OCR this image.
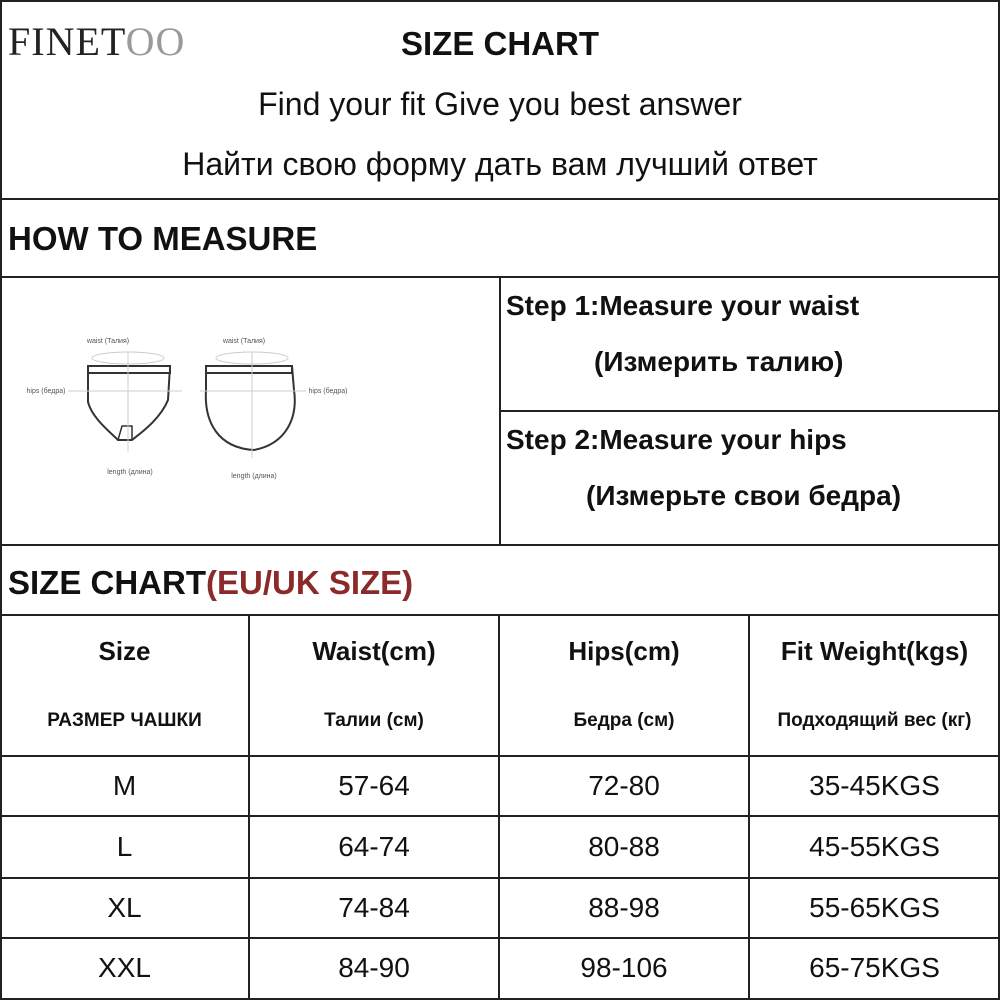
FINETOO	SIZE CHART
Find your fit Give you best answer
Найти свою форму дать вам лучший ответ
HOW TO MEASURE
waist (Талия)
hips (бедра)
length (длина)
waist (Талия)
hips (бедра)
length (длина)
Step 1:Measure your waist
(Измерить талию)
Step 2:Measure your hips
(Измерьте свои бедра)
SIZE CHART(EU/UK SIZE)
Size	Waist(cm)	Hips(cm)	Fit Weight(kgs)
РАЗМЕР ЧАШКИ	Талии (см)	Бедра (см)	Подходящий вес (кг)
M	57-64	72-80	35-45KGS
L	64-74	80-88	45-55KGS
XL	74-84	88-98	55-65KGS
XXL	84-90	98-106	65-75KGS
